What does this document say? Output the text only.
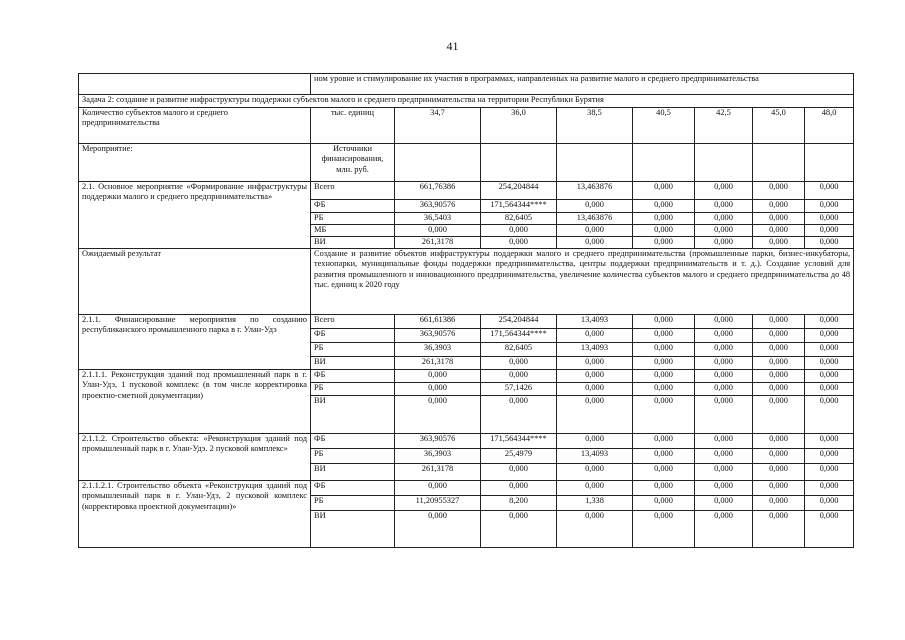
41
	ном уровне и стимулирование их участия в программах, направленных на развитие малого и среднего предпринимательства							
Задача 2: создание и развитие инфраструктуры поддержки субъектов малого и среднего предпринимательства на территории Республики Бурятия								
Количество субъектов малого и среднего предпринимательства	тыс. единиц	34,7	36,0	38,5	40,5	42,5	45,0	48,0
Мероприятие:	Источники финансирования, млн. руб.							
2.1. Основное мероприятие «Формирование инфраструктуры поддержки малого и среднего предпринимательства»	Всего	661,76386	254,204844	13,463876	0,000	0,000	0,000	0,000
	ФБ	363,90576	171,564344****	0,000	0,000	0,000	0,000	0,000
	РБ	36,5403	82,6405	13,463876	0,000	0,000	0,000	0,000
	МБ	0,000	0,000	0,000	0,000	0,000	0,000	0,000
	ВИ	261,3178	0,000	0,000	0,000	0,000	0,000	0,000
Ожидаемый результат	Создание и развитие объектов инфраструктуры поддержки малого и среднего предпринимательства (промышленные парки, бизнес-инкубаторы, технопарки, муниципальные фонды поддержки предпринимательства, центры поддержки предпринимательств и т. д.). Создание условий для развития промышленного и инновационного предпринимательства, увеличение количества субъектов малого и среднего предпринимательства до 48 тыс. единиц к 2020 году							
2.1.1. Финансирование мероприятия по созданию республиканского промышленного парка в г. Улан-Удэ	Всего	661,61386	254,204844	13,4093	0,000	0,000	0,000	0,000
	ФБ	363,90576	171,564344****	0,000	0,000	0,000	0,000	0,000
	РБ	36,3903	82,6405	13,4093	0,000	0,000	0,000	0,000
	ВИ	261,3178	0,000	0,000	0,000	0,000	0,000	0,000
2.1.1.1. Реконструкция зданий под промышленный парк в г. Улан-Удэ, 1 пусковой комплекс (в том числе корректировка проектно-сметной документации)	ФБ	0,000	0,000	0,000	0,000	0,000	0,000	0,000
	РБ	0,000	57,1426	0,000	0,000	0,000	0,000	0,000
	ВИ	0,000	0,000	0,000	0,000	0,000	0,000	0,000
2.1.1.2. Строительство объекта: «Реконструкция зданий под промышленный парк в г. Улан-Удэ. 2 пусковой комплекс»	ФБ	363,90576	171,564344****	0,000	0,000	0,000	0,000	0,000
	РБ	36,3903	25,4979	13,4093	0,000	0,000	0,000	0,000
	ВИ	261,3178	0,000	0,000	0,000	0,000	0,000	0,000
2.1.1.2.1. Строительство объекта «Реконструкция зданий под промышленный парк в г. Улан-Удэ, 2 пусковой комплекс (корректировка проектной документации)»	ФБ	0,000	0,000	0,000	0,000	0,000	0,000	0,000
	РБ	11,20955327	8,200	1,338	0,000	0,000	0,000	0,000
	ВИ	0,000	0,000	0,000	0,000	0,000	0,000	0,000
